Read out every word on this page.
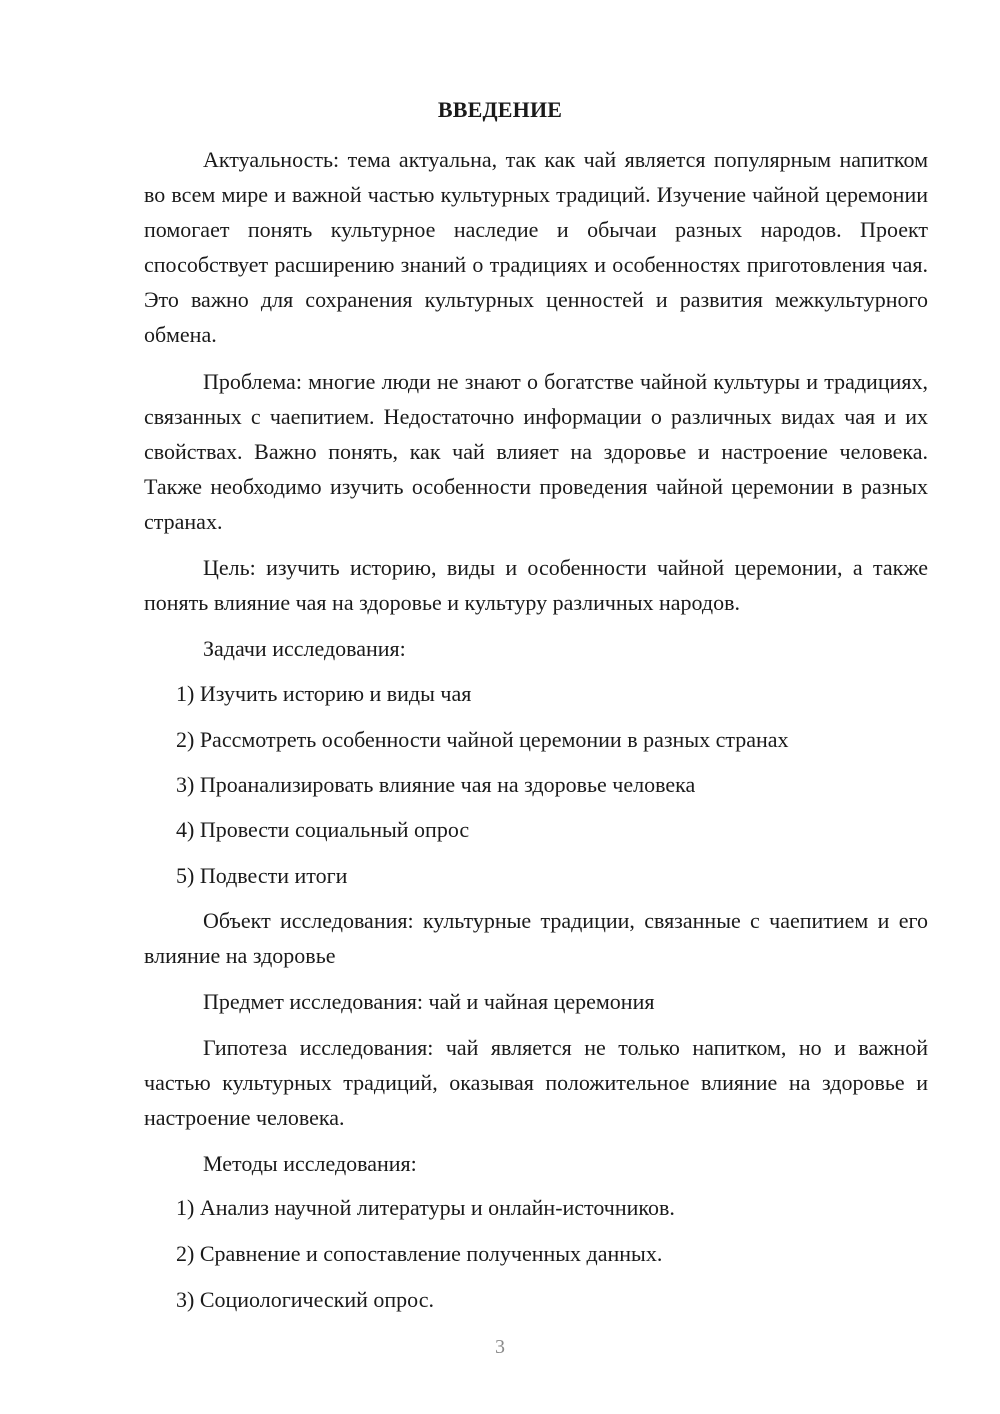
ВВЕДЕНИЕ

Актуальность: тема актуальна, так как чай является популярным напитком во всем мире и важной частью культурных традиций. Изучение чайной церемонии помогает понять культурное наследие и обычаи разных народов. Проект способствует расширению знаний о традициях и особенностях приготовления чая. Это важно для сохранения культурных ценностей и развития межкультурного обмена.

Проблема: многие люди не знают о богатстве чайной культуры и традициях, связанных с чаепитием. Недостаточно информации о различных видах чая и их свойствах. Важно понять, как чай влияет на здоровье и настроение человека. Также необходимо изучить особенности проведения чайной церемонии в разных странах.

Цель: изучить историю, виды и особенности чайной церемонии, а также понять влияние чая на здоровье и культуру различных народов.

Задачи исследования:

1) Изучить историю и виды чая

2) Рассмотреть особенности чайной церемонии в разных странах

3) Проанализировать влияние чая на здоровье человека

4) Провести социальный опрос

5) Подвести итоги

Объект исследования: культурные традиции, связанные с чаепитием и его влияние на здоровье

Предмет исследования: чай и чайная церемония

Гипотеза исследования: чай является не только напитком, но и важной частью культурных традиций, оказывая положительное влияние на здоровье и настроение человека.

Методы исследования:

1) Анализ научной литературы и онлайн-источников.

2) Сравнение и сопоставление полученных данных.

3) Социологический опрос.

3
